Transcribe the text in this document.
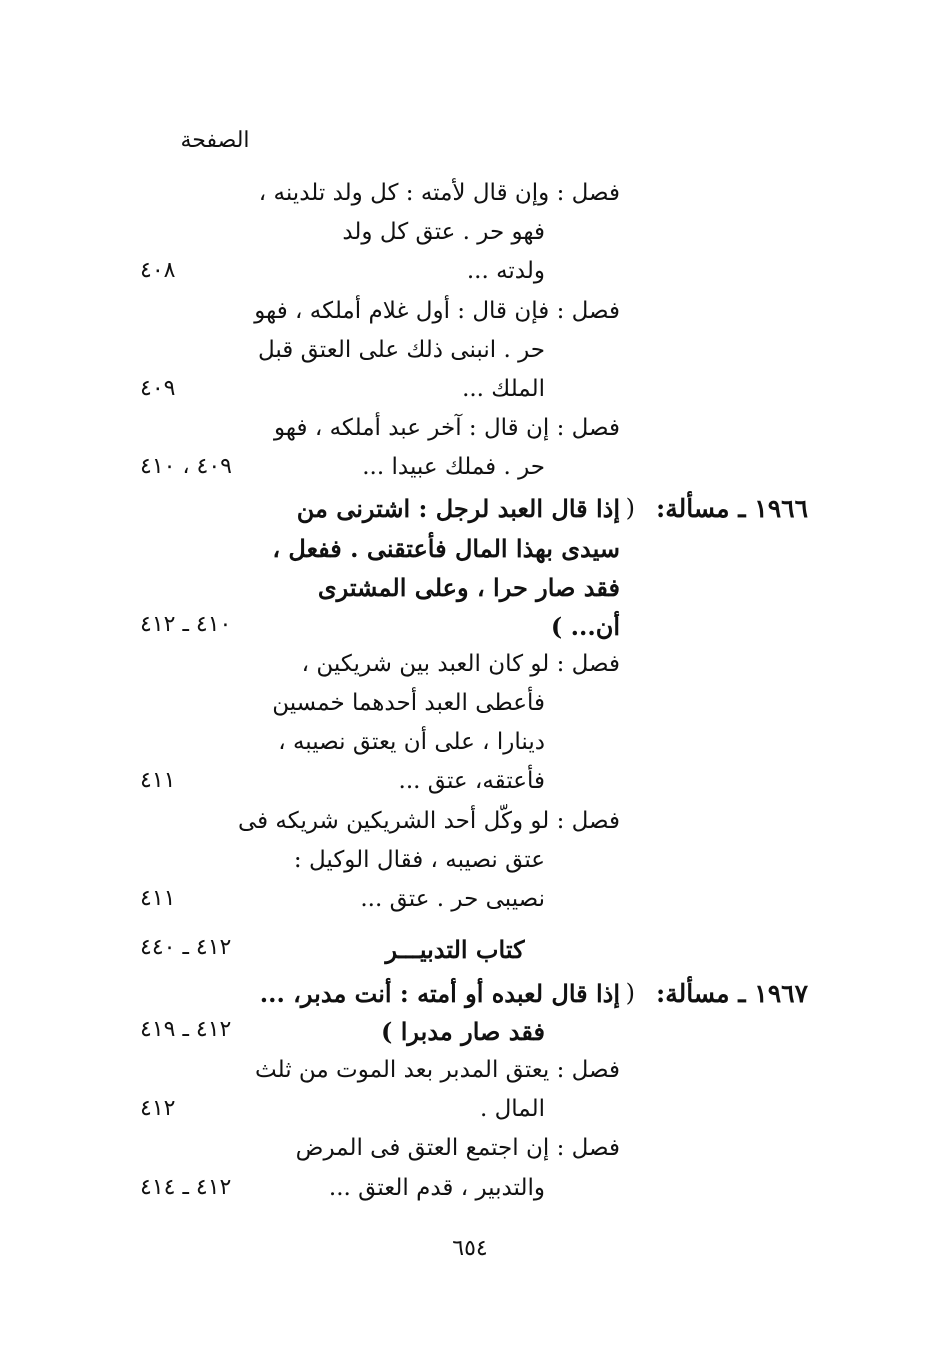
الصفحة
فصل : وإن قال لأمته : كل ولد تلدينه ،
فهو حر . عتق كل ولد
ولدته ...
٤٠٨
فصل : فإن قال : أول غلام أملكه ، فهو
حر . انبنى ذلك على العتق قبل
الملك ...
٤٠٩
فصل : إن قال : آخر عبد أملكه ، فهو
حر . فملك عبيدا ...
٤٠٩ ، ٤١٠
١٩٦٦ ـ مسألة:
(
إذا قال العبد لرجل : اشترنى من
سيدى بهذا المال فأعتقنى . ففعل ،
فقد صار حرا ، وعلى المشترى
أن... )
٤١٠ ـ ٤١٢
فصل : لو كان العبد بين شريكين ،
فأعطى العبد أحدهما خمسين
دينارا ، على أن يعتق نصيبه ،
فأعتقه، عتق ...
٤١١
فصل : لو وكّل أحد الشريكين شريكه فى
عتق نصيبه ، فقال الوكيل :
نصيبى حر . عتق ...
٤١١
كتاب التدبيـــر
٤١٢ ـ ٤٤٠
١٩٦٧ ـ مسألة:
(
إذا قال لعبده أو أمته : أنت مدبر، ...
فقد صار مدبرا )
٤١٢ ـ ٤١٩
فصل : يعتق المدبر بعد الموت من ثلث
المال .
٤١٢
فصل : إن اجتمع العتق فى المرض
والتدبير ، قدم العتق ...
٤١٢ ـ ٤١٤
٦٥٤
